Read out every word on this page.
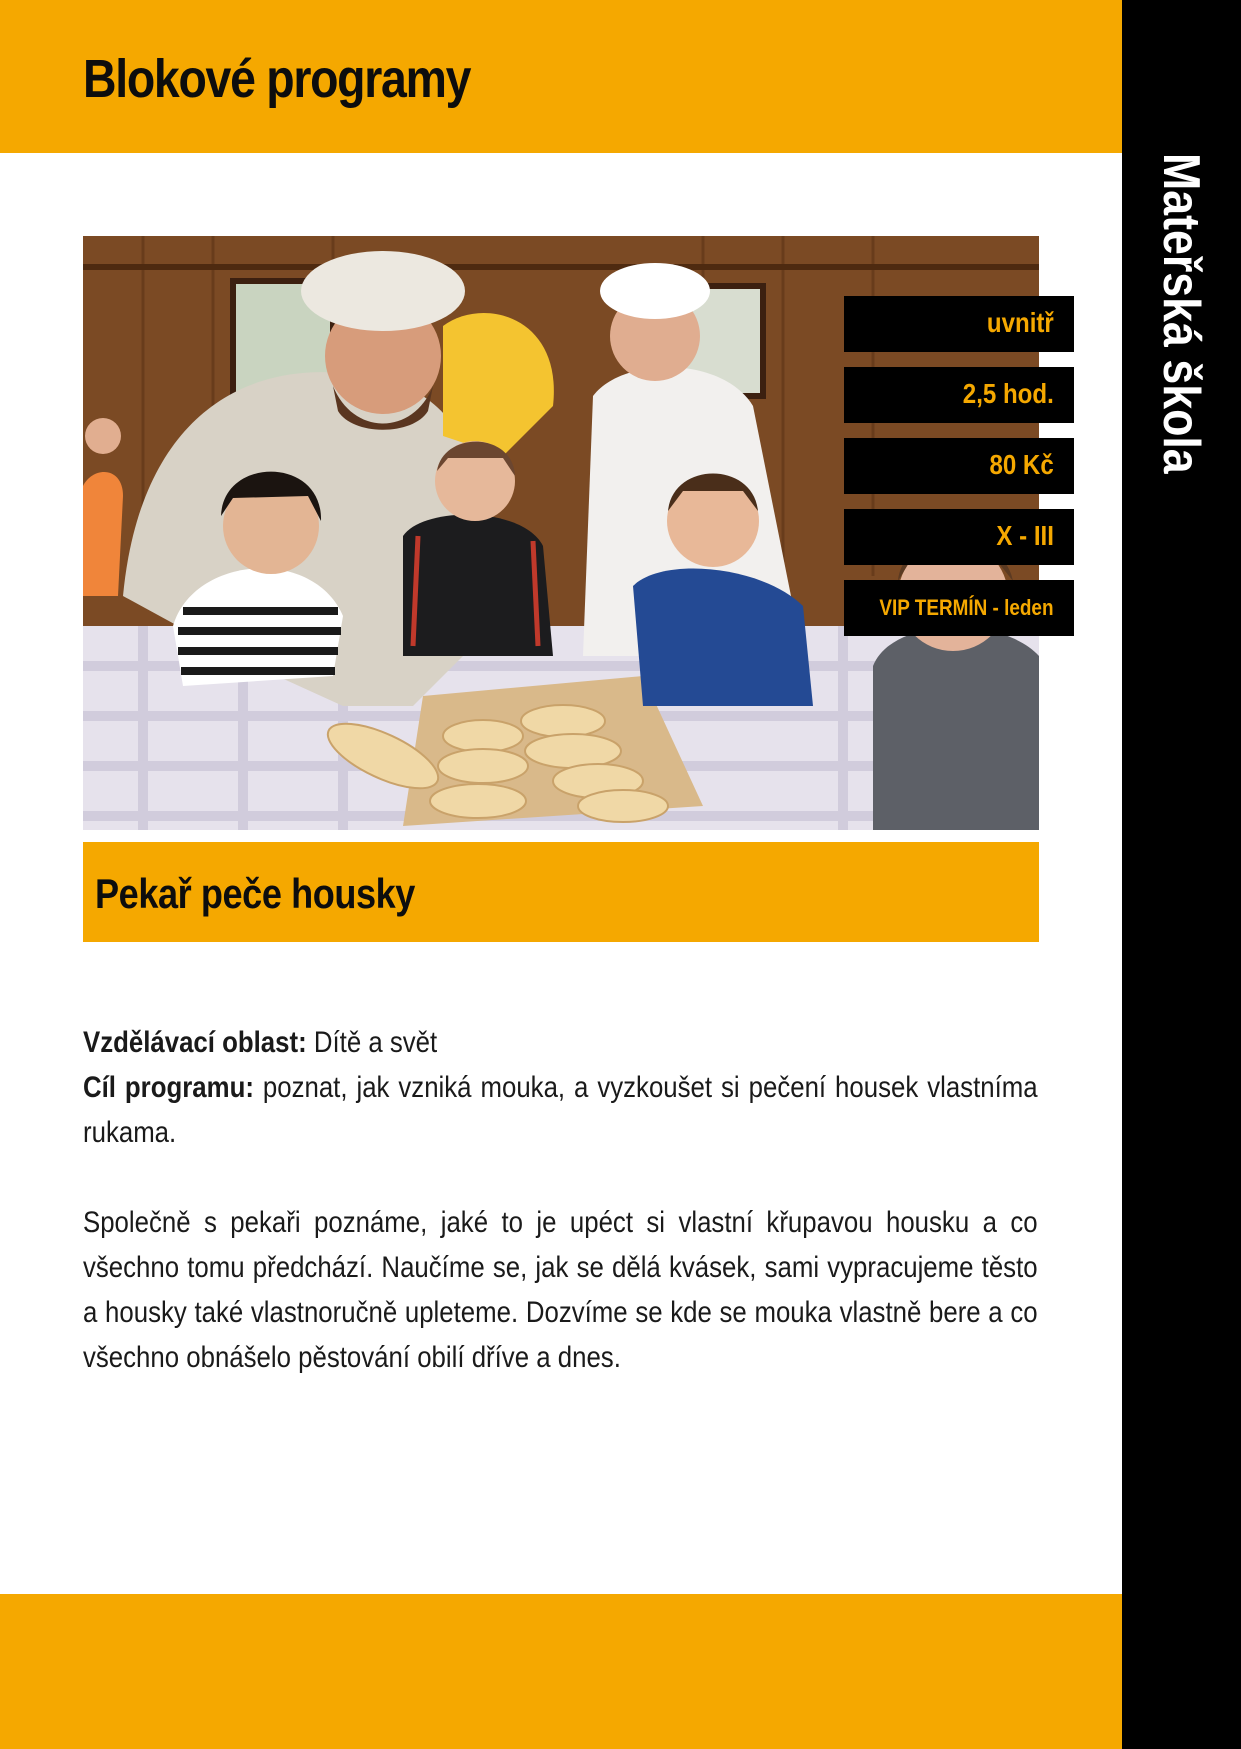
Blokové programy
Mateřská škola
uvnitř
2,5 hod.
80 Kč
X - III
VIP TERMÍN - leden
Pekař peče housky

Vzdělávací oblast: Dítě a svět

Cíl programu: poznat, jak vzniká mouka, a vyzkoušet si pečení housek vlastníma rukama.

Společně s pekaři poznáme, jaké to je upéct si vlastní křupavou housku a co všechno tomu předchází. Naučíme se, jak se dělá kvásek, sami vypracujeme těsto a housky také vlastnoručně upleteme. Dozvíme se kde se mouka vlastně bere a co všechno obnášelo pěstování obilí dříve a dnes.
